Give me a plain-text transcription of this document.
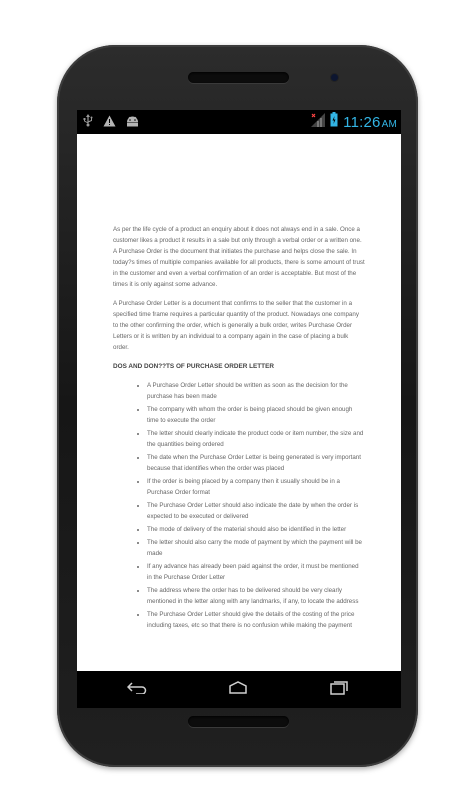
11:26AM

As per the life cycle of a product an enquiry about it does not always end in a sale. Once a customer likes a product it results in a sale but only through a verbal order or a written one. A Purchase Order is the document that initiates the purchase and helps close the sale. In today?s times of multiple companies available for all products, there is some amount of trust in the customer and even a verbal confirmation of an order is acceptable. But most of the times it is only against some advance.

A Purchase Order Letter is a document that confirms to the seller that the customer in a specified time frame requires a particular quantity of the product. Nowadays one company to the other confirming the order, which is generally a bulk order, writes Purchase Order Letters or it is written by an individual to a company again in the case of placing a bulk order.

DOS AND DON??TS OF PURCHASE ORDER LETTER
• A Purchase Order Letter should be written as soon as the decision for the purchase has been made
• The company with whom the order is being placed should be given enough time to execute the order
• The letter should clearly indicate the product code or item number, the size and the quantities being ordered
• The date when the Purchase Order Letter is being generated is very important because that identifies when the order was placed
• If the order is being placed by a company then it usually should be in a Purchase Order format
• The Purchase Order Letter should also indicate the date by when the order is expected to be executed or delivered
• The mode of delivery of the material should also be identified in the letter
• The letter should also carry the mode of payment by which the payment will be made
• If any advance has already been paid against the order, it must be mentioned in the Purchase Order Letter
• The address where the order has to be delivered should be very clearly mentioned in the letter along with any landmarks, if any, to locate the address
• The Purchase Order Letter should give the details of the costing of the price including taxes, etc so that there is no confusion while making the payment
